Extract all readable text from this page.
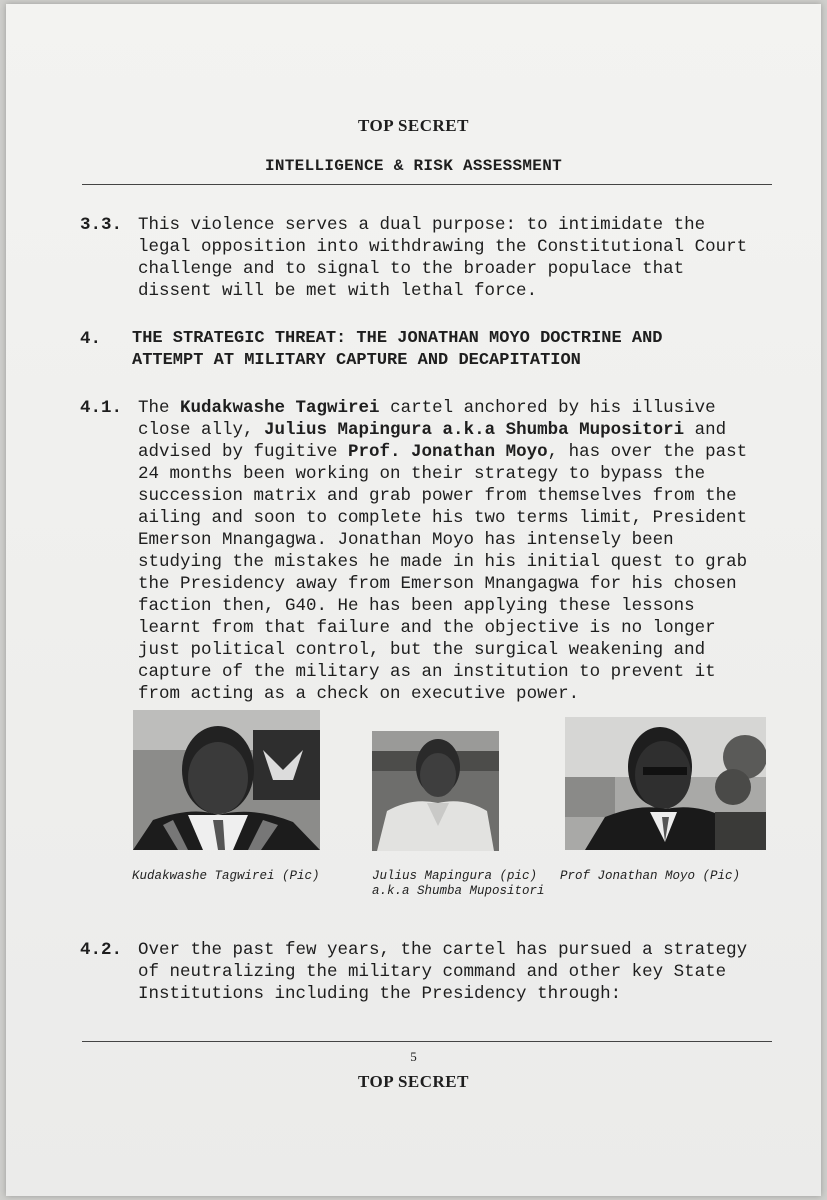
TOP SECRET
INTELLIGENCE & RISK ASSESSMENT
3.3. This violence serves a dual purpose: to intimidate the
legal opposition into withdrawing the Constitutional Court
challenge and to signal to the broader populace that
dissent will be met with lethal force.
4. THE STRATEGIC THREAT: THE JONATHAN MOYO DOCTRINE AND
ATTEMPT AT MILITARY CAPTURE AND DECAPITATION
4.1. The Kudakwashe Tagwirei cartel anchored by his illusive
close ally, Julius Mapingura a.k.a Shumba Mupositori and
advised by fugitive Prof. Jonathan Moyo, has over the past
24 months been working on their strategy to bypass the
succession matrix and grab power from themselves from the
ailing and soon to complete his two terms limit, President
Emerson Mnangagwa. Jonathan Moyo has intensely been
studying the mistakes he made in his initial quest to grab
the Presidency away from Emerson Mnangagwa for his chosen
faction then, G40. He has been applying these lessons
learnt from that failure and the objective is no longer
just political control, but the surgical weakening and
capture of the military as an institution to prevent it
from acting as a check on executive power.
Kudakwashe Tagwirei (Pic)	Julius Mapingura (pic)
a.k.a Shumba Mupositori
Prof Jonathan Moyo (Pic)
4.2. Over the past few years, the cartel has pursued a strategy
of neutralizing the military command and other key State
Institutions including the Presidency through:
5
TOP SECRET
